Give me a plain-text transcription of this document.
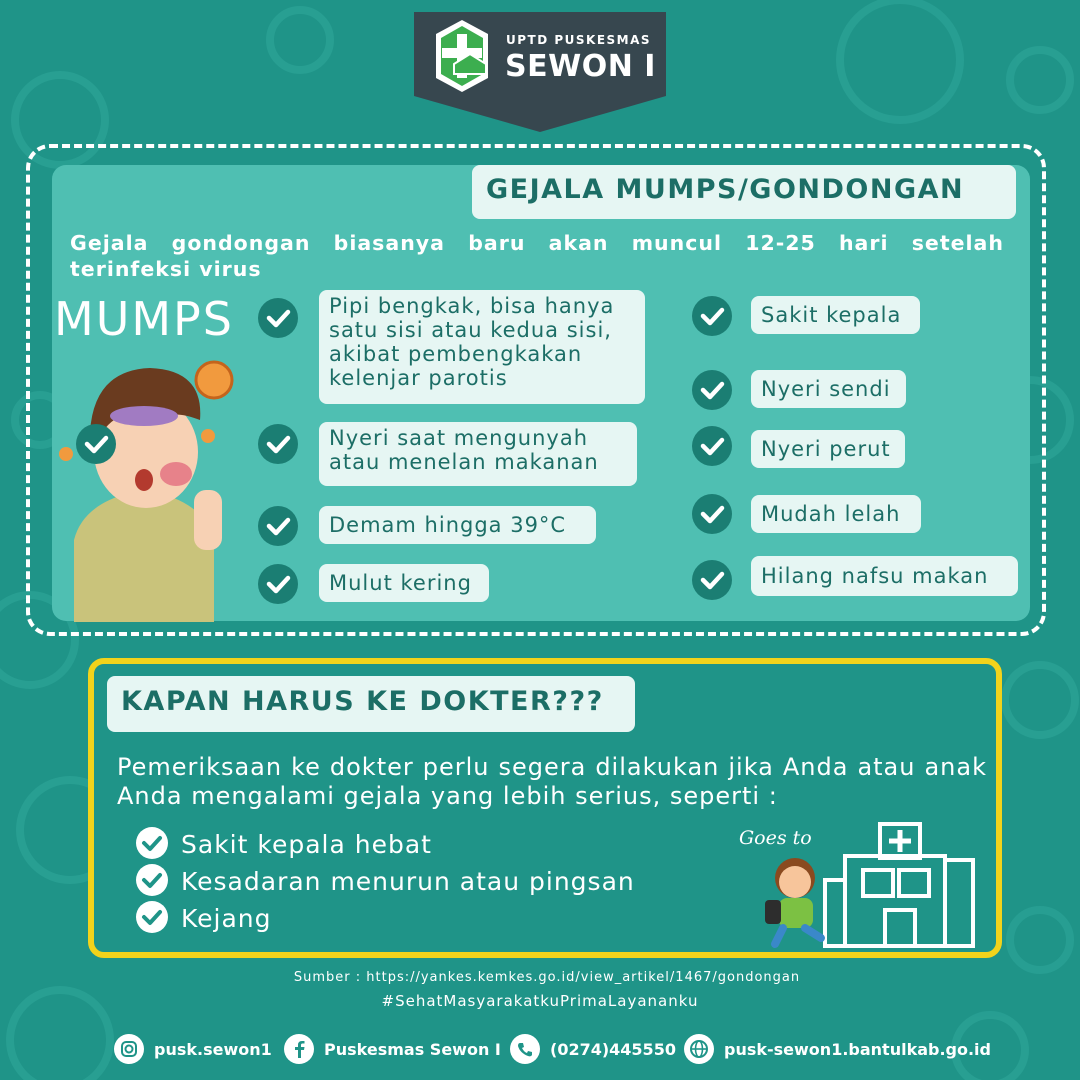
UPTD PUSKESMAS
SEWON I
GEJALA MUMPS/GONDONGAN
Gejala gondongan biasanya baru akan muncul 12-25 hari setelah terinfeksi virus
MUMPS	Pipi bengkak, bisa hanya satu sisi atau kedua sisi, akibat pembengkakan kelenjar parotis
Nyeri saat mengunyah atau menelan makanan
Demam hingga 39°C
Mulut kering
Sakit kepala
Nyeri sendi
Nyeri perut
Mudah lelah
Hilang nafsu makan
KAPAN HARUS KE DOKTER???
Pemeriksaan ke dokter perlu segera dilakukan jika Anda atau anak Anda mengalami gejala yang lebih serius, seperti :
Sakit kepala hebat
Kesadaran menurun atau pingsan
Kejang
Goes to
Sumber : https://yankes.kemkes.go.id/view_artikel/1467/gondongan
#SehatMasyarakatkuPrimaLayananku
pusk.sewon1	Puskesmas Sewon I	(0274)445550	pusk-sewon1.bantulkab.go.id
